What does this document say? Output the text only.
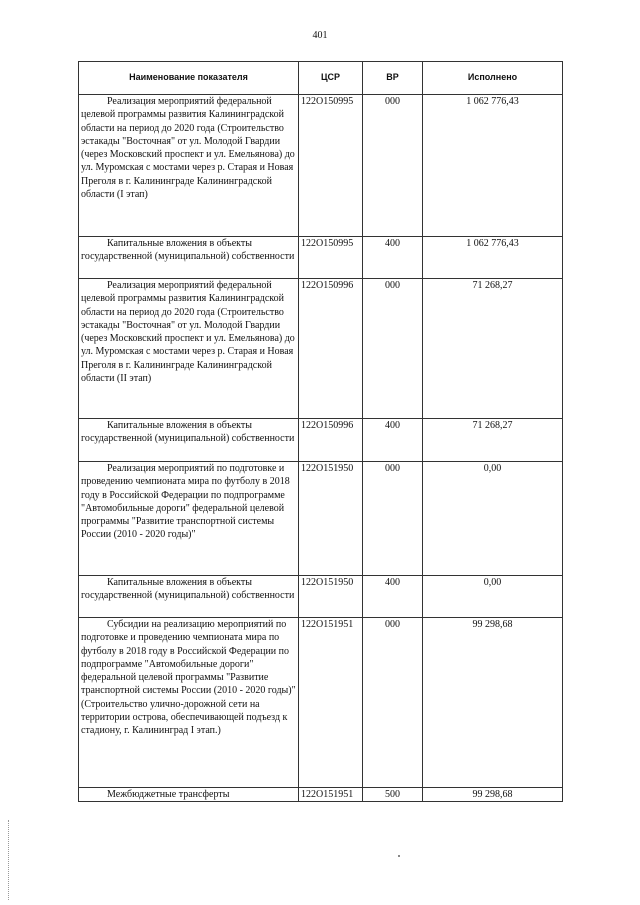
401
Наименование показателя	ЦСР	ВР	Исполнено
Реализация мероприятий федеральной целевой программы развития Калининградской области на период до 2020 года (Строительство эстакады "Восточная" от ул. Молодой Гвардии (через Московский проспект и ул. Емельянова) до ул. Муромская с мостами через р. Старая и Новая Преголя в г. Калининграде Калининградской области (I этап)	122O150995	000	1 062 776,43
Капитальные вложения в объекты государственной (муниципальной) собственности	122O150995	400	1 062 776,43
Реализация мероприятий федеральной целевой программы развития Калининградской области на период до 2020 года (Строительство эстакады "Восточная" от ул. Молодой Гвардии (через Московский проспект и ул. Емельянова) до ул. Муромская с мостами через р. Старая и Новая Преголя в г. Калининграде Калининградской области (II этап)	122O150996	000	71 268,27
Капитальные вложения в объекты государственной (муниципальной) собственности	122O150996	400	71 268,27
Реализация мероприятий по подготовке и проведению чемпионата мира по футболу в 2018 году в Российской Федерации по подпрограмме "Автомобильные дороги" федеральной целевой программы "Развитие транспортной системы России (2010 - 2020 годы)"	122O151950	000	0,00
Капитальные вложения в объекты государственной (муниципальной) собственности	122O151950	400	0,00
Субсидии на реализацию мероприятий по подготовке и проведению чемпионата мира по футболу в 2018 году в Российской Федерации по подпрограмме "Автомобильные дороги" федеральной целевой программы "Развитие транспортной системы России (2010 - 2020 годы)" (Строительство улично-дорожной сети на территории острова, обеспечивающей подъезд к стадиону, г. Калининград I этап.)	122O151951	000	99 298,68
Межбюджетные трансферты	122O151951	500	99 298,68
